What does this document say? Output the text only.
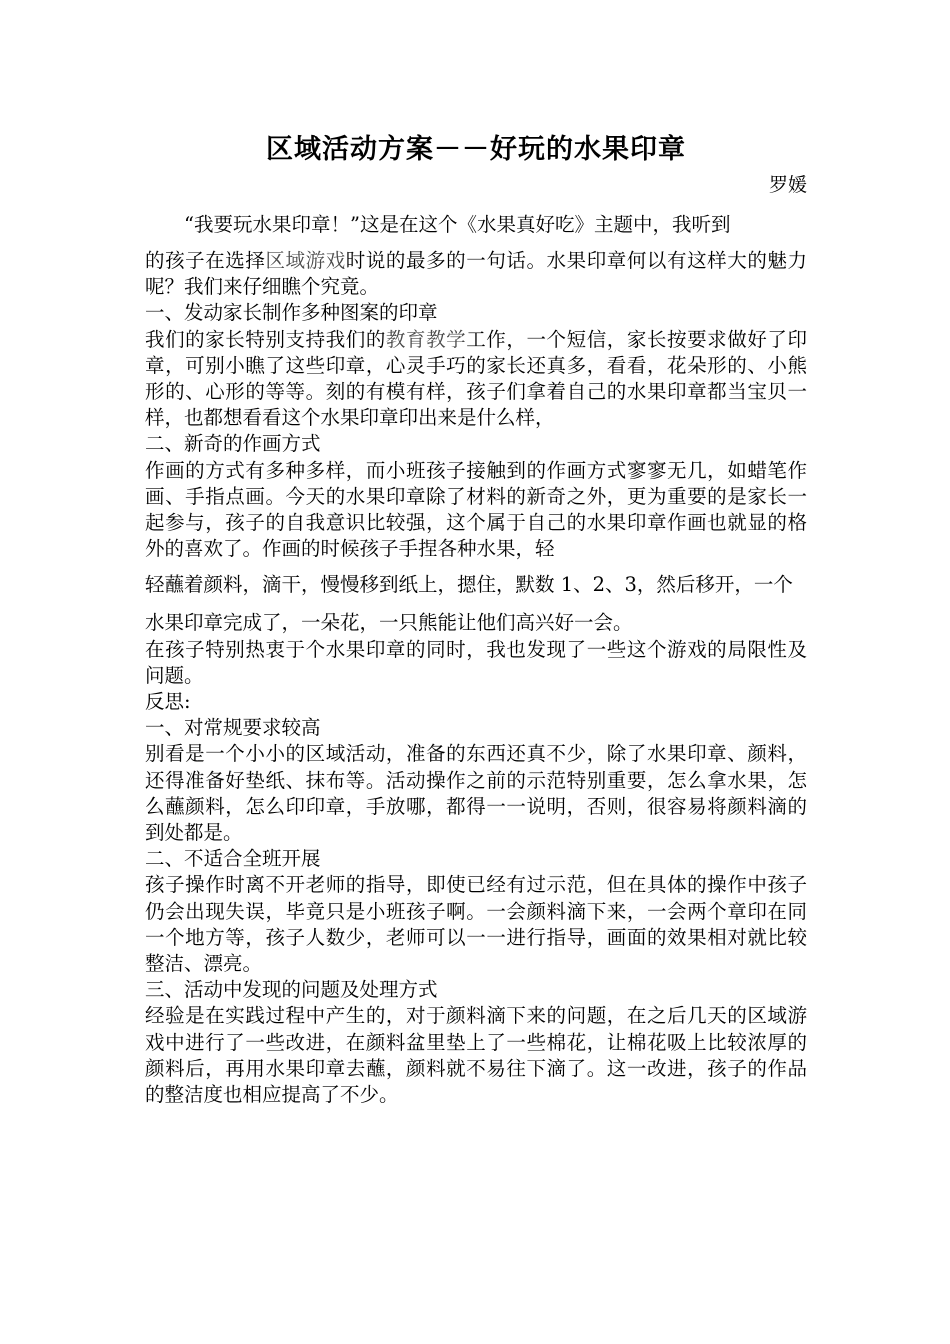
区域活动方案－－好玩的水果印章

罗媛

“我要玩水果印章！”这是在这个《水果真好吃》主题中，我听到

的孩子在选择区域游戏时说的最多的一句话。水果印章何以有这样大的魅力呢？我们来仔细瞧个究竟。

一、发动家长制作多种图案的印章

我们的家长特别支持我们的教育教学工作，一个短信，家长按要求做好了印章，可别小瞧了这些印章，心灵手巧的家长还真多，看看，花朵形的、小熊形的、心形的等等。刻的有模有样，孩子们拿着自己的水果印章都当宝贝一样，也都想看看这个水果印章印出来是什么样，

二、新奇的作画方式

作画的方式有多种多样，而小班孩子接触到的作画方式寥寥无几，如蜡笔作画、手指点画。今天的水果印章除了材料的新奇之外，更为重要的是家长一起参与，孩子的自我意识比较强，这个属于自己的水果印章作画也就显的格外的喜欢了。作画的时候孩子手捏各种水果，轻

轻蘸着颜料，滴干，慢慢移到纸上，摁住，默数 1、2、3，然后移开，一个

水果印章完成了，一朵花，一只熊能让他们高兴好一会。

在孩子特别热衷于个水果印章的同时，我也发现了一些这个游戏的局限性及问题。

反思:

一、对常规要求较高

别看是一个小小的区域活动，准备的东西还真不少，除了水果印章、颜料，还得准备好垫纸、抹布等。活动操作之前的示范特别重要，怎么拿水果，怎么蘸颜料，怎么印印章，手放哪，都得一一说明，否则，很容易将颜料滴的到处都是。

二、不适合全班开展

孩子操作时离不开老师的指导，即使已经有过示范，但在具体的操作中孩子仍会出现失误，毕竟只是小班孩子啊。一会颜料滴下来，一会两个章印在同一个地方等，孩子人数少，老师可以一一进行指导，画面的效果相对就比较整洁、漂亮。

三、活动中发现的问题及处理方式

经验是在实践过程中产生的，对于颜料滴下来的问题，在之后几天的区域游戏中进行了一些改进，在颜料盆里垫上了一些棉花，让棉花吸上比较浓厚的颜料后，再用水果印章去蘸，颜料就不易往下滴了。这一改进，孩子的作品的整洁度也相应提高了不少。
